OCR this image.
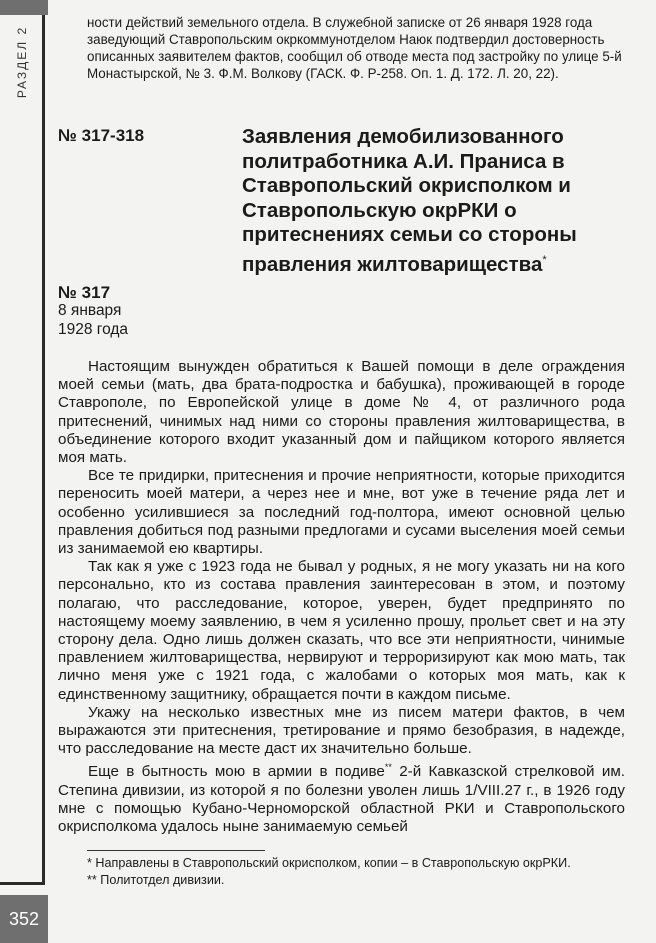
РАЗДЕЛ 2
352

ности действий земельного отдела. В служебной записке от 26 января 1928 года заведующий Ставропольским окркоммунотделом Наюк подтвердил достоверность описанных заявителем фактов, сообщил об отводе места под застройку по улице 5-й Монастырской, № 3. Ф.М. Волкову (ГАСК. Ф. Р-258. Оп. 1. Д. 172. Л. 20, 22).

№ 317-318	Заявления демобилизованного политработника А.И. Праниса в Ставропольский окрисполком и Ставропольскую окрРКИ о притеснениях семьи со стороны правления жилтоварищества*

№ 317

8 января
1928 года

Настоящим вынужден обратиться к Вашей помощи в деле ограждения моей семьи (мать, два брата-подростка и бабушка), проживающей в городе Ставрополе, по Европейской улице в доме № 4, от различного рода притеснений, чинимых над ними со стороны правления жилтоварищества, в объединение которого входит указанный дом и пайщиком которого является моя мать.

Все те придирки, притеснения и прочие неприятности, которые приходится переносить моей матери, а через нее и мне, вот уже в течение ряда лет и особенно усилившиеся за последний год-полтора, имеют основной целью правления добиться под разными предлогами и сусами выселения моей семьи из занимаемой ею квартиры.

Так как я уже с 1923 года не бывал у родных, я не могу указать ни на кого персонально, кто из состава правления заинтересован в этом, и поэтому полагаю, что расследование, которое, уверен, будет предпринято по настоящему моему заявлению, в чем я усиленно прошу, прольет свет и на эту сторону дела. Одно лишь должен сказать, что все эти неприятности, чинимые правлением жилтоварищества, нервируют и терроризируют как мою мать, так лично меня уже с 1921 года, с жалобами о которых моя мать, как к единственному защитнику, обращается почти в каждом письме.

Укажу на несколько известных мне из писем матери фактов, в чем выражаются эти притеснения, третирование и прямо безобразия, в надежде, что расследование на месте даст их значительно больше.

Еще в бытность мою в армии в подиве** 2-й Кавказской стрелковой им. Степина дивизии, из которой я по болезни уволен лишь 1/VIII.27 г., в 1926 году мне с помощью Кубано-Черноморской областной РКИ и Ставропольского окрисполкома удалось ныне занимаемую семьей

* Направлены в Ставропольский окрисполком, копии – в Ставропольскую окрРКИ.
** Политотдел дивизии.
